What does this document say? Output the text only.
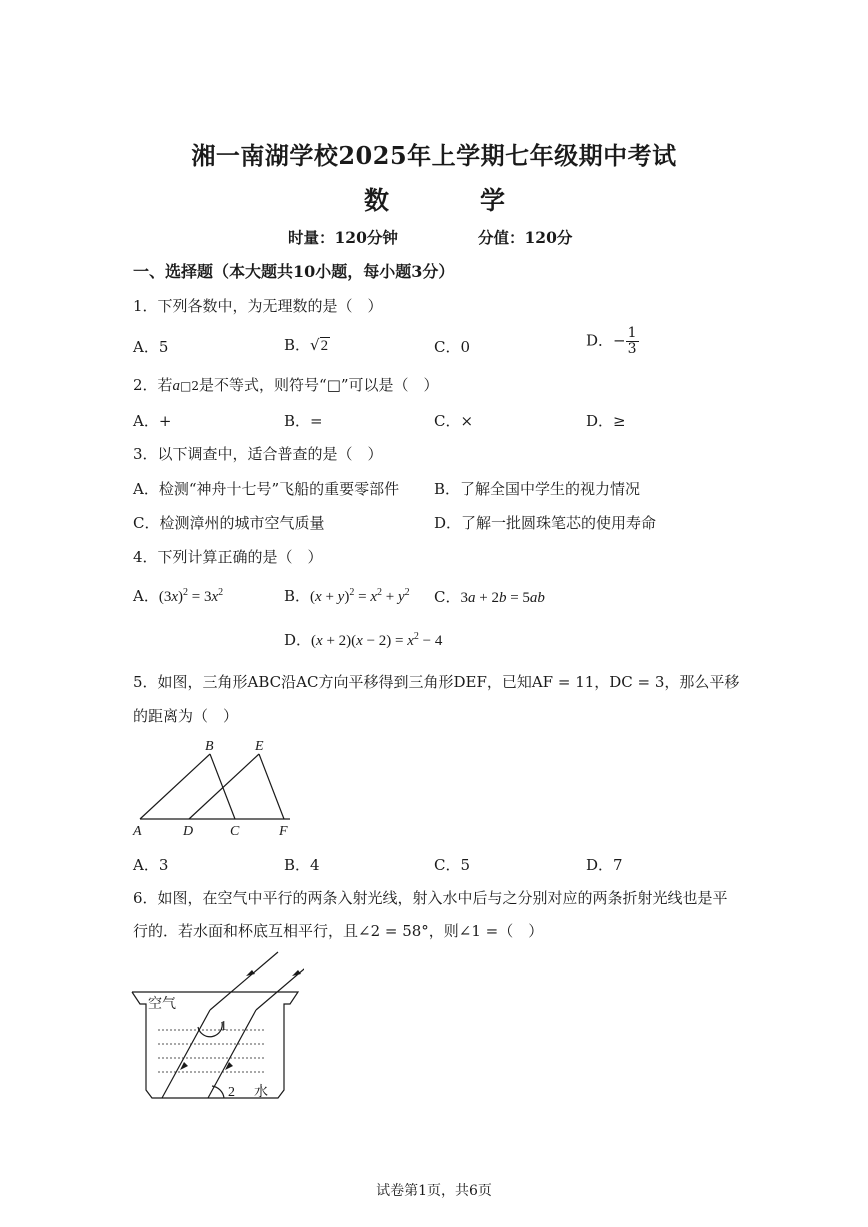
湘一南湖学校2025年上学期七年级期中考试
数	学
时量：120分钟	分值：120分
一、选择题（本大题共10小题，每小题3分）
1．下列各数中，为无理数的是（　）
A．5	B．√2	C．0	D．− $\frac{1}{3}$
2．若a□2是不等式，则符号“□”可以是（　）
A．+	B．=	C．×	D．≥
3．以下调查中，适合普查的是（　）
A．检测“神舟十七号”飞船的重要零部件 B．了解全国中学生的视力情况
C．检测漳州的城市空气质量	D．了解一批圆珠笔芯的使用寿命
4．下列计算正确的是（　）
A．$(3x)^2 = 3x^2$	B．$(x + y)^2 = x^2 + y^2$ C．3a + 2b = 5ab
D．$(x + 2)(x - 2) = x^2 - 4$
5．如图，三角形ABC沿AC方向平移得到三角形DEF，已知AF = 11，DC = 3，那么平移
的距离为（　）
A
B
C
D
E
F
A．3	B．4	C．5	D．7
6．如图，在空气中平行的两条入射光线，射入水中后与之分别对应的两条折射光线也是平
行的．若水面和杯底互相平行，且∠2 = 58°，则∠1 =（　）
空气
1
2 水
试卷第1页，共6页
